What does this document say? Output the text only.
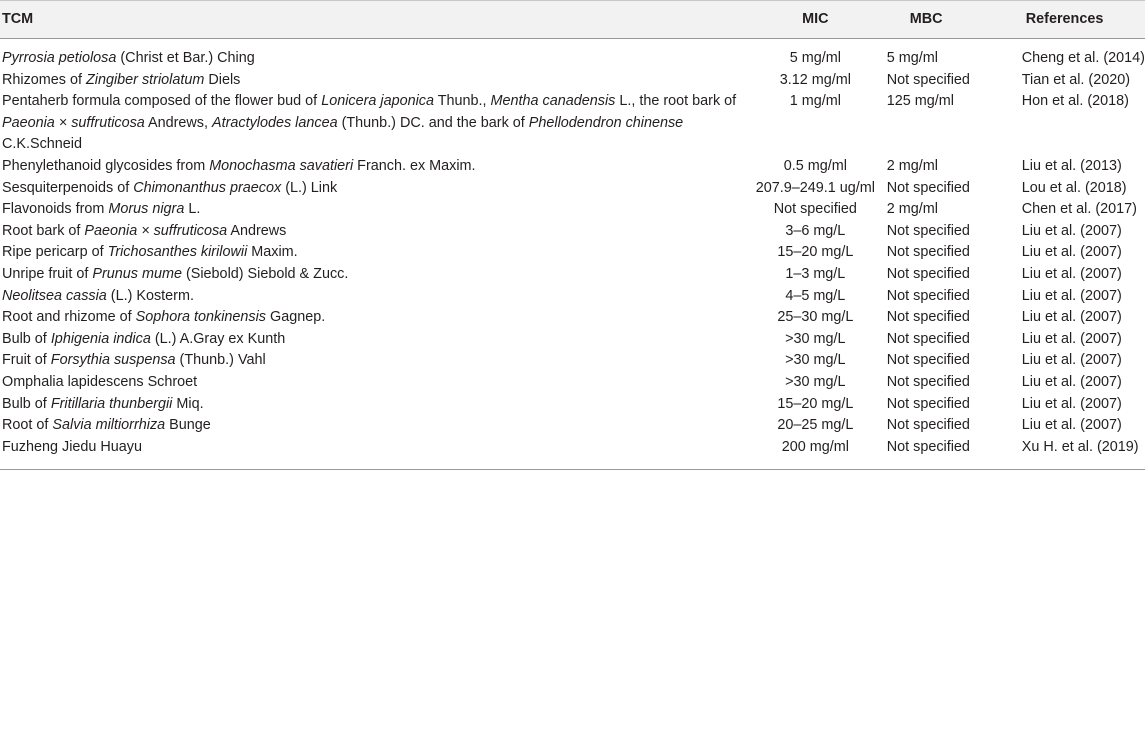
TCM	MIC	MBC	References
Pyrrosia petiolosa (Christ et Bar.) Ching	5 mg/ml	5 mg/ml	Cheng et al. (2014)
Rhizomes of Zingiber striolatum Diels	3.12 mg/ml	Not specified	Tian et al. (2020)
Pentaherb formula composed of the flower bud of Lonicera japonica Thunb., Mentha canadensis L., the root bark of Paeonia × suffruticosa Andrews, Atractylodes lancea (Thunb.) DC. and the bark of Phellodendron chinense C.K.Schneid	1 mg/ml	125 mg/ml	Hon et al. (2018)
Phenylethanoid glycosides from Monochasma savatieri Franch. ex Maxim.	0.5 mg/ml	2 mg/ml	Liu et al. (2013)
Sesquiterpenoids of Chimonanthus praecox (L.) Link	207.9–249.1 ug/ml	Not specified	Lou et al. (2018)
Flavonoids from Morus nigra L.	Not specified	2 mg/ml	Chen et al. (2017)
Root bark of Paeonia × suffruticosa Andrews	3–6 mg/L	Not specified	Liu et al. (2007)
Ripe pericarp of Trichosanthes kirilowii Maxim.	15–20 mg/L	Not specified	Liu et al. (2007)
Unripe fruit of Prunus mume (Siebold) Siebold & Zucc.	1–3 mg/L	Not specified	Liu et al. (2007)
Neolitsea cassia (L.) Kosterm.	4–5 mg/L	Not specified	Liu et al. (2007)
Root and rhizome of Sophora tonkinensis Gagnep.	25–30 mg/L	Not specified	Liu et al. (2007)
Bulb of Iphigenia indica (L.) A.Gray ex Kunth	>30 mg/L	Not specified	Liu et al. (2007)
Fruit of Forsythia suspensa (Thunb.) Vahl	>30 mg/L	Not specified	Liu et al. (2007)
Omphalia lapidescens Schroet	>30 mg/L	Not specified	Liu et al. (2007)
Bulb of Fritillaria thunbergii Miq.	15–20 mg/L	Not specified	Liu et al. (2007)
Root of Salvia miltiorrhiza Bunge	20–25 mg/L	Not specified	Liu et al. (2007)
Fuzheng Jiedu Huayu	200 mg/ml	Not specified	Xu H. et al. (2019)
